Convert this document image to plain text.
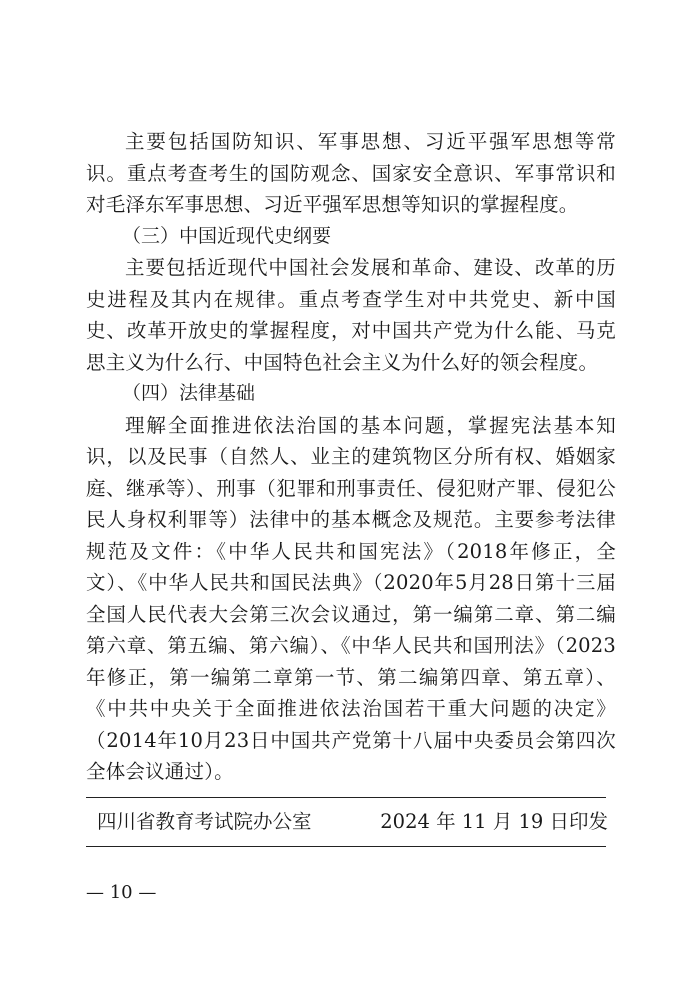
主要包括国防知识、军事思想、习近平强军思想等常识。重点考查考生的国防观念、国家安全意识、军事常识和对毛泽东军事思想、习近平强军思想等知识的掌握程度。

（三）中国近现代史纲要

主要包括近现代中国社会发展和革命、建设、改革的历史进程及其内在规律。重点考查学生对中共党史、新中国史、改革开放史的掌握程度，对中国共产党为什么能、马克思主义为什么行、中国特色社会主义为什么好的领会程度。

（四）法律基础

理解全面推进依法治国的基本问题，掌握宪法基本知识，以及民事（自然人、业主的建筑物区分所有权、婚姻家庭、继承等）、刑事（犯罪和刑事责任、侵犯财产罪、侵犯公民人身权利罪等）法律中的基本概念及规范。主要参考法律规范及文件：《中华人民共和国宪法》（2018年修正，全文）、《中华人民共和国民法典》（2020年5月28日第十三届全国人民代表大会第三次会议通过，第一编第二章、第二编第六章、第五编、第六编）、《中华人民共和国刑法》（2023年修正，第一编第二章第一节、第二编第四章、第五章）、《中共中央关于全面推进依法治国若干重大问题的决定》（2014年10月23日中国共产党第十八届中央委员会第四次全体会议通过）。

四川省教育考试院办公室	2024 年 11 月 19 日印发
— 10 —
